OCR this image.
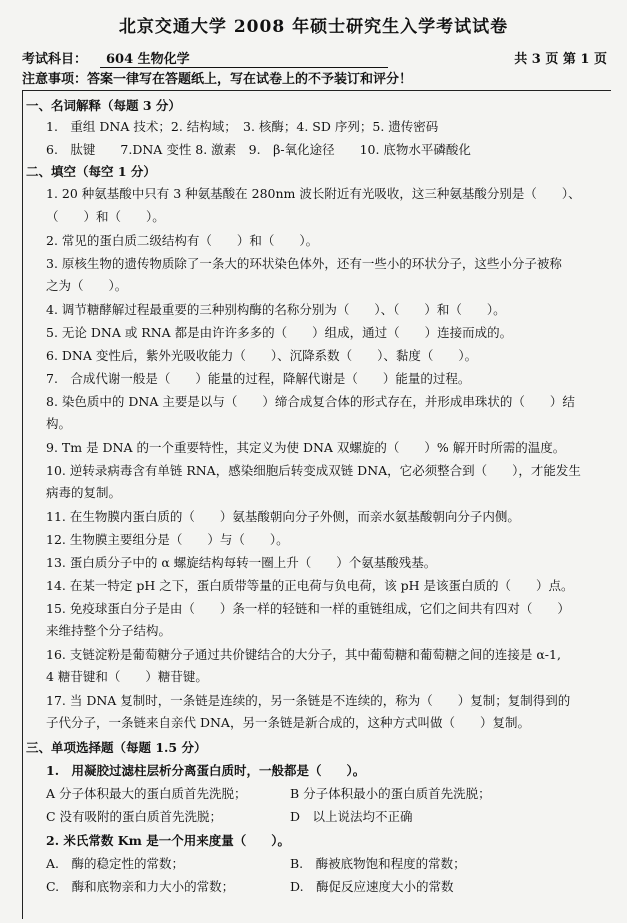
北京交通大学 2008 年硕士研究生入学考试试卷
考试科目：	604 生物化学	共 3 页 第 1 页
注意事项：答案一律写在答题纸上，写在试卷上的不予装订和评分！
一、名词解释（每题 3 分）
1.　重组 DNA 技术；2. 结构域；　3. 核酶；4. SD 序列；5. 遗传密码
6.　肽键　　7.DNA 变性 8. 激素　9.　β-氧化途径　　10. 底物水平磷酸化
二、填空（每空 1 分）
1. 20 种氨基酸中只有 3 种氨基酸在 280nm 波长附近有光吸收，这三种氨基酸分别是（　　）、
（　　）和（　　）。
2. 常见的蛋白质二级结构有（　　）和（　　）。
3. 原核生物的遗传物质除了一条大的环状染色体外，还有一些小的环状分子，这些小分子被称
之为（　　）。
4. 调节糖酵解过程最重要的三种别构酶的名称分别为（　　）、（　　）和（　　）。
5. 无论 DNA 或 RNA 都是由许许多多的（　　）组成，通过（　　）连接而成的。
6. DNA 变性后，紫外光吸收能力（　　）、沉降系数（　　）、黏度（　　）。
7.　合成代谢一般是（　　）能量的过程，降解代谢是（　　）能量的过程。
8. 染色质中的 DNA 主要是以与（　　）缔合成复合体的形式存在，并形成串珠状的（　　）结
构。
9. Tm 是 DNA 的一个重要特性，其定义为使 DNA 双螺旋的（　　）% 解开时所需的温度。
10. 逆转录病毒含有单链 RNA，感染细胞后转变成双链 DNA，它必须整合到（　　），才能发生
病毒的复制。
11. 在生物膜内蛋白质的（　　）氨基酸朝向分子外侧，而亲水氨基酸朝向分子内侧。
12. 生物膜主要组分是（　　）与（　　）。
13. 蛋白质分子中的 α 螺旋结构每转一圈上升（　　）个氨基酸残基。
14. 在某一特定 pH 之下，蛋白质带等量的正电荷与负电荷，该 pH 是该蛋白质的（　　）点。
15. 免疫球蛋白分子是由（　　）条一样的轻链和一样的重链组成，它们之间共有四对（　　）
来维持整个分子结构。
16. 支链淀粉是葡萄糖分子通过共价键结合的大分子，其中葡萄糖和葡萄糖之间的连接是 α-1,
4 糖苷键和（　　）糖苷键。
17. 当 DNA 复制时，一条链是连续的，另一条链是不连续的，称为（　　）复制；复制得到的
子代分子，一条链来自亲代 DNA，另一条链是新合成的，这种方式叫做（　　）复制。
三、单项选择题（每题 1.5 分）
1.　用凝胶过滤柱层析分离蛋白质时，一般都是（　　）。
A 分子体积最大的蛋白质首先洗脱；	B 分子体积最小的蛋白质首先洗脱；
C 没有吸附的蛋白质首先洗脱；	D　以上说法均不正确
2. 米氏常数 Km 是一个用来度量（　　）。
A.　酶的稳定性的常数；	B.　酶被底物饱和程度的常数；
C.　酶和底物亲和力大小的常数；	D.　酶促反应速度大小的常数
